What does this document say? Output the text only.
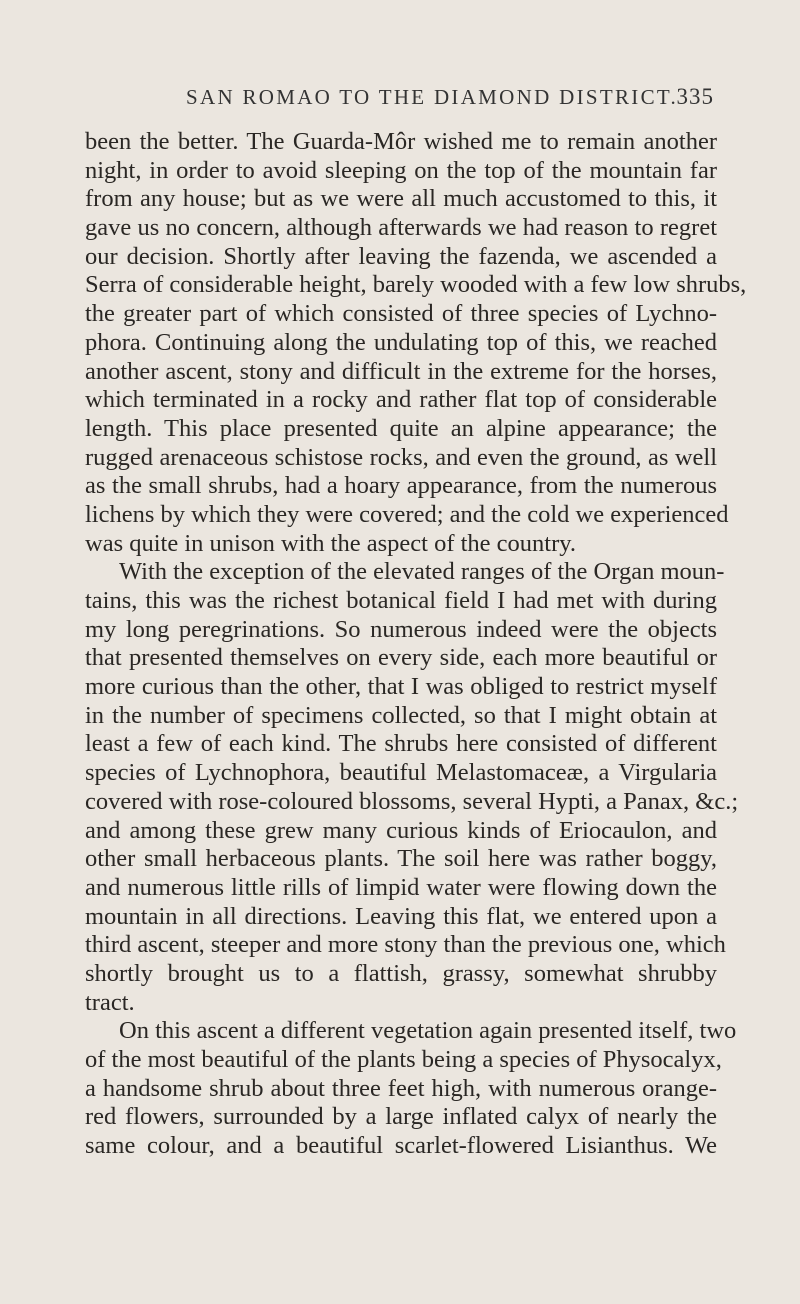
SAN ROMAO TO THE DIAMOND DISTRICT.
335
been the better. The Guarda-Môr wished me to remain another
night, in order to avoid sleeping on the top of the mountain far
from any house; but as we were all much accustomed to this, it
gave us no concern, although afterwards we had reason to regret
our decision. Shortly after leaving the fazenda, we ascended a
Serra of considerable height, barely wooded with a few low shrubs,
the greater part of which consisted of three species of Lychno-
phora. Continuing along the undulating top of this, we reached
another ascent, stony and difficult in the extreme for the horses,
which terminated in a rocky and rather flat top of considerable
length. This place presented quite an alpine appearance; the
rugged arenaceous schistose rocks, and even the ground, as well
as the small shrubs, had a hoary appearance, from the numerous
lichens by which they were covered; and the cold we experienced
was quite in unison with the aspect of the country.
With the exception of the elevated ranges of the Organ moun-
tains, this was the richest botanical field I had met with during
my long peregrinations. So numerous indeed were the objects
that presented themselves on every side, each more beautiful or
more curious than the other, that I was obliged to restrict myself
in the number of specimens collected, so that I might obtain at
least a few of each kind. The shrubs here consisted of different
species of Lychnophora, beautiful Melastomaceæ, a Virgularia
covered with rose-coloured blossoms, several Hypti, a Panax, &c.;
and among these grew many curious kinds of Eriocaulon, and
other small herbaceous plants. The soil here was rather boggy,
and numerous little rills of limpid water were flowing down the
mountain in all directions. Leaving this flat, we entered upon a
third ascent, steeper and more stony than the previous one, which
shortly brought us to a flattish, grassy, somewhat shrubby
tract.
On this ascent a different vegetation again presented itself, two
of the most beautiful of the plants being a species of Physocalyx,
a handsome shrub about three feet high, with numerous orange-
red flowers, surrounded by a large inflated calyx of nearly the
same colour, and a beautiful scarlet-flowered Lisianthus. We
